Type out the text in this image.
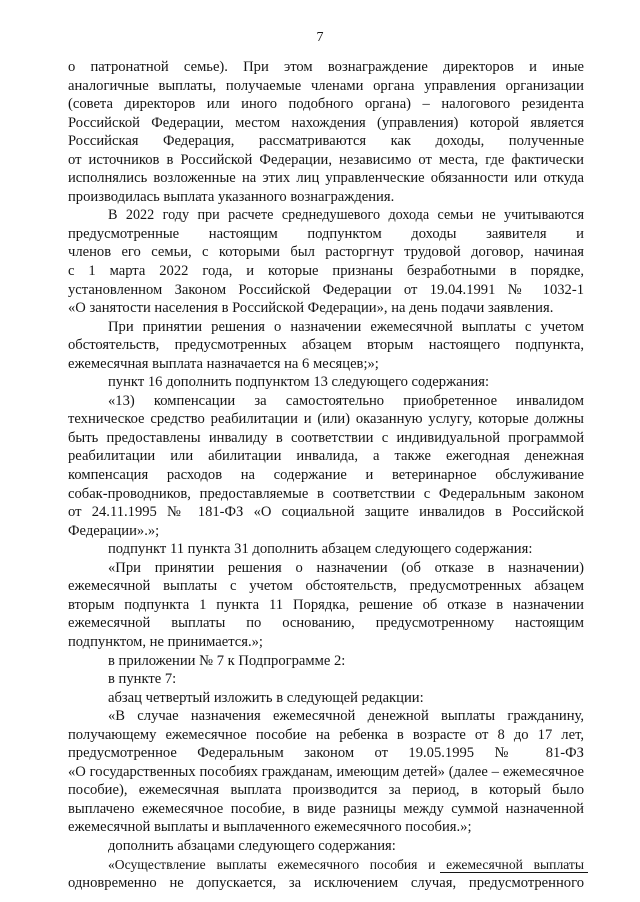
7
о патронатной семье). При этом вознаграждение директоров и иные
аналогичные выплаты, получаемые членами органа управления организации
(совета директоров или иного подобного органа) – налогового резидента
Российской Федерации, местом нахождения (управления) которой является
Российская Федерация, рассматриваются как доходы, полученные
от источников в Российской Федерации, независимо от места, где фактически
исполнялись возложенные на этих лиц управленческие обязанности или откуда
производилась выплата указанного вознаграждения.
В 2022 году при расчете среднедушевого дохода семьи не учитываются
предусмотренные настоящим подпунктом доходы заявителя и
членов его семьи, с которыми был расторгнут трудовой договор, начиная
с 1 марта 2022 года, и которые признаны безработными в порядке,
установленном Законом Российской Федерации от 19.04.1991 № 1032-1
«О занятости населения в Российской Федерации», на день подачи заявления.
При принятии решения о назначении ежемесячной выплаты с учетом
обстоятельств, предусмотренных абзацем вторым настоящего подпункта,
ежемесячная выплата назначается на 6 месяцев;»;
пункт 16 дополнить подпунктом 13 следующего содержания:
«13) компенсации за самостоятельно приобретенное инвалидом
техническое средство реабилитации и (или) оказанную услугу, которые должны
быть предоставлены инвалиду в соответствии с индивидуальной программой
реабилитации или абилитации инвалида, а также ежегодная денежная
компенсация расходов на содержание и ветеринарное обслуживание
собак-проводников, предоставляемые в соответствии с Федеральным законом
от 24.11.1995 № 181-ФЗ «О социальной защите инвалидов в Российской
Федерации».»;
подпункт 11 пункта 31 дополнить абзацем следующего содержания:
«При принятии решения о назначении (об отказе в назначении)
ежемесячной выплаты с учетом обстоятельств, предусмотренных абзацем
вторым подпункта 1 пункта 11 Порядка, решение об отказе в назначении
ежемесячной выплаты по основанию, предусмотренному настоящим
подпунктом, не принимается.»;
в приложении № 7 к Подпрограмме 2:
в пункте 7:
абзац четвертый изложить в следующей редакции:
«В случае назначения ежемесячной денежной выплаты гражданину,
получающему ежемесячное пособие на ребенка в возрасте от 8 до 17 лет,
предусмотренное Федеральным законом от 19.05.1995 № 81-ФЗ
«О государственных пособиях гражданам, имеющим детей» (далее – ежемесячное
пособие), ежемесячная выплата производится за период, в который было
выплачено ежемесячное пособие, в виде разницы между суммой назначенной
ежемесячной выплаты и выплаченного ежемесячного пособия.»;
дополнить абзацами следующего содержания:
«Осуществление выплаты ежемесячного пособия и ежемесячной выплаты
одновременно не допускается, за исключением случая, предусмотренного
